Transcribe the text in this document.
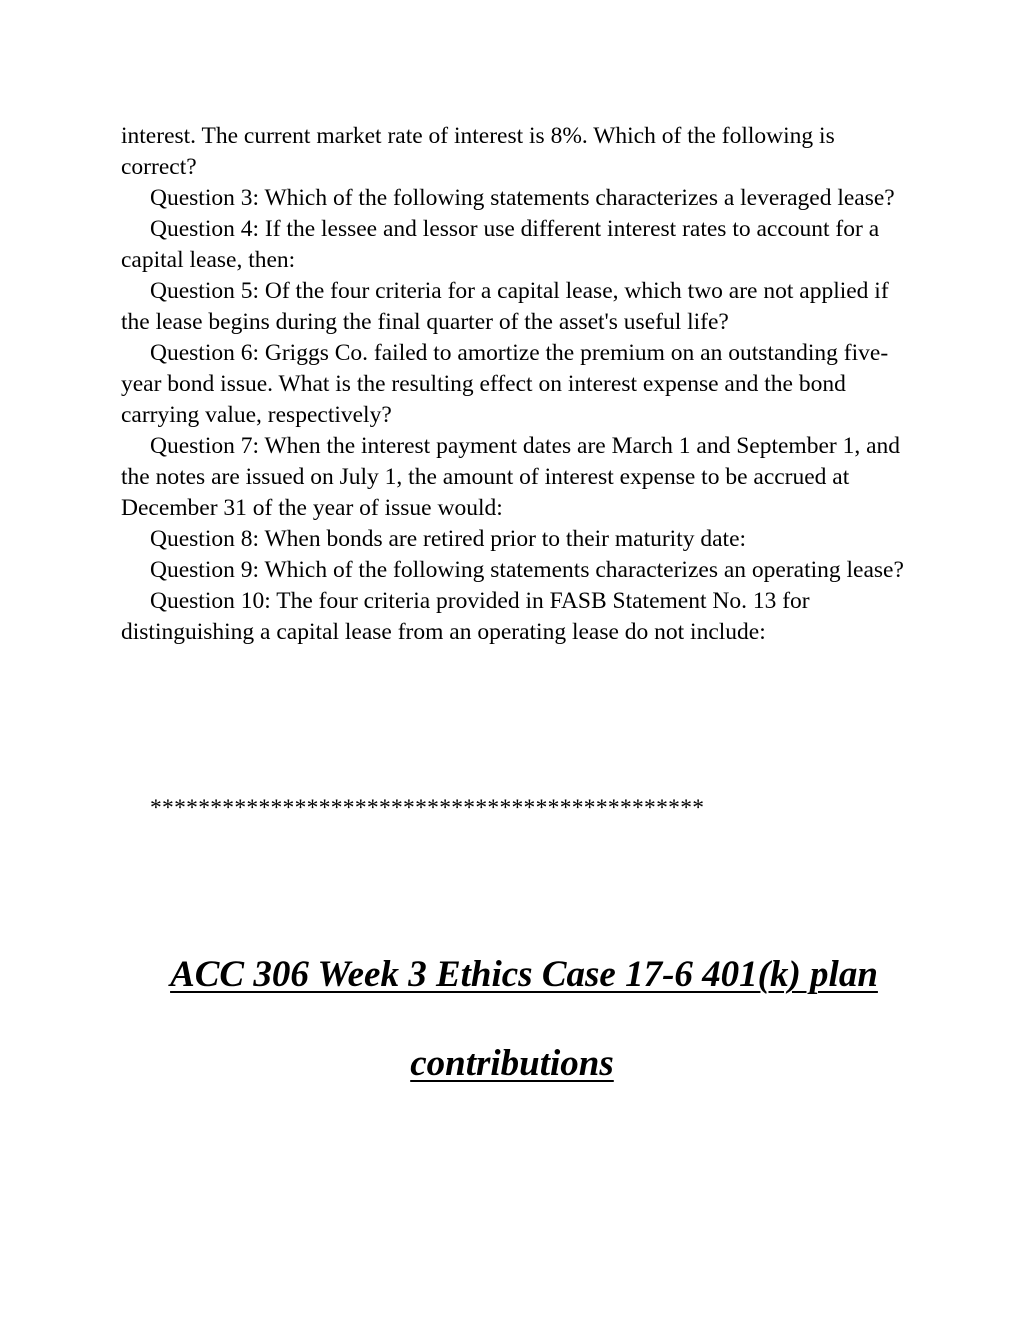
interest. The current market rate of interest is 8%. Which of the following is correct?

Question 3: Which of the following statements characterizes a leveraged lease?

Question 4: If the lessee and lessor use different interest rates to account for a capital lease, then:

Question 5: Of the four criteria for a capital lease, which two are not applied if the lease begins during the final quarter of the asset's useful life?

Question 6: Griggs Co. failed to amortize the premium on an outstanding five-year bond issue. What is the resulting effect on interest expense and the bond carrying value, respectively?

Question 7: When the interest payment dates are March 1 and September 1, and the notes are issued on July 1, the amount of interest expense to be accrued at December 31 of the year of issue would:

Question 8: When bonds are retired prior to their maturity date:

Question 9: Which of the following statements characterizes an operating lease?

Question 10: The four criteria provided in FASB Statement No. 13 for distinguishing a capital lease from an operating lease do not include:

**********************************************
ACC 306 Week 3 Ethics Case 17-6 401(k) plan
contributions
